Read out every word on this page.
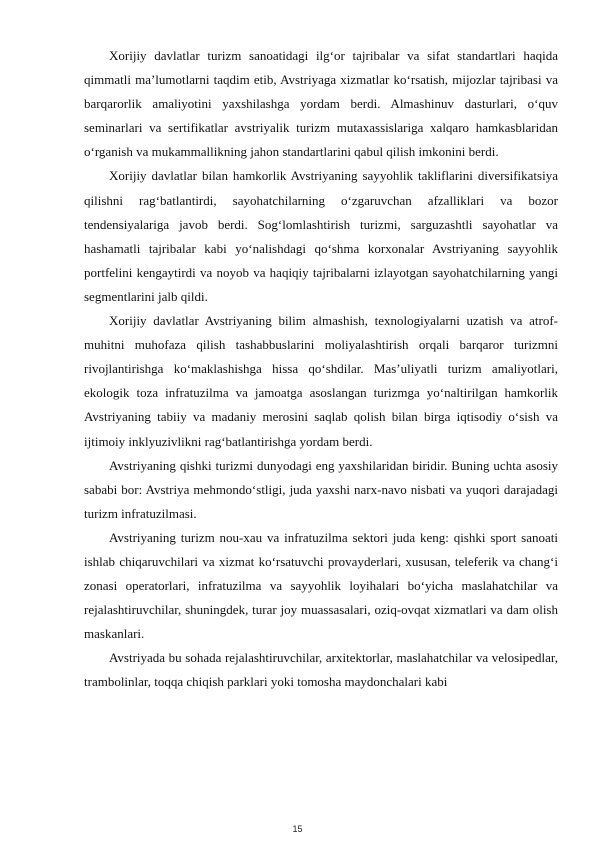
Xorijiy davlatlar turizm sanoatidagi ilg‘or tajribalar va sifat standartlari haqida qimmatli ma’lumotlarni taqdim etib, Avstriyaga xizmatlar ko‘rsatish, mijozlar tajribasi va barqarorlik amaliyotini yaxshilashga yordam berdi. Almashinuv dasturlari, o‘quv seminarlari va sertifikatlar avstriyalik turizm mutaxassislariga xalqaro hamkasblaridan o‘rganish va mukammallikning jahon standartlarini qabul qilish imkonini berdi.

Xorijiy davlatlar bilan hamkorlik Avstriyaning sayyohlik takliflarini diversifikatsiya qilishni rag‘batlantirdi, sayohatchilarning o‘zgaruvchan afzalliklari va bozor tendensiyalariga javob berdi. Sog‘lomlashtirish turizmi, sarguzashtli sayohatlar va hashamatli tajribalar kabi yo‘nalishdagi qo‘shma korxonalar Avstriyaning sayyohlik portfelini kengaytirdi va noyob va haqiqiy tajribalarni izlayotgan sayohatchilarning yangi segmentlarini jalb qildi.

Xorijiy davlatlar Avstriyaning bilim almashish, texnologiyalarni uzatish va atrof-muhitni muhofaza qilish tashabbuslarini moliyalashtirish orqali barqaror turizmni rivojlantirishga ko‘maklashishga hissa qo‘shdilar. Mas’uliyatli turizm amaliyotlari, ekologik toza infratuzilma va jamoatga asoslangan turizmga yo‘naltirilgan hamkorlik Avstriyaning tabiiy va madaniy merosini saqlab qolish bilan birga iqtisodiy o‘sish va ijtimoiy inklyuzivlikni rag‘batlantirishga yordam berdi.

Avstriyaning qishki turizmi dunyodagi eng yaxshilaridan biridir. Buning uchta asosiy sababi bor: Avstriya mehmondo‘stligi, juda yaxshi narx-navo nisbati va yuqori darajadagi turizm infratuzilmasi.

Avstriyaning turizm nou-xau va infratuzilma sektori juda keng: qishki sport sanoati ishlab chiqaruvchilari va xizmat ko‘rsatuvchi provayderlari, xususan, teleferik va chang‘i zonasi operatorlari, infratuzilma va sayyohlik loyihalari bo‘yicha maslahatchilar va rejalashtiruvchilar, shuningdek, turar joy muassasalari, oziq-ovqat xizmatlari va dam olish maskanlari.

Avstriyada bu sohada rejalashtiruvchilar, arxitektorlar, maslahatchilar va velosipedlar, trambolinlar, toqqa chiqish parklari yoki tomosha maydonchalari kabi

15
